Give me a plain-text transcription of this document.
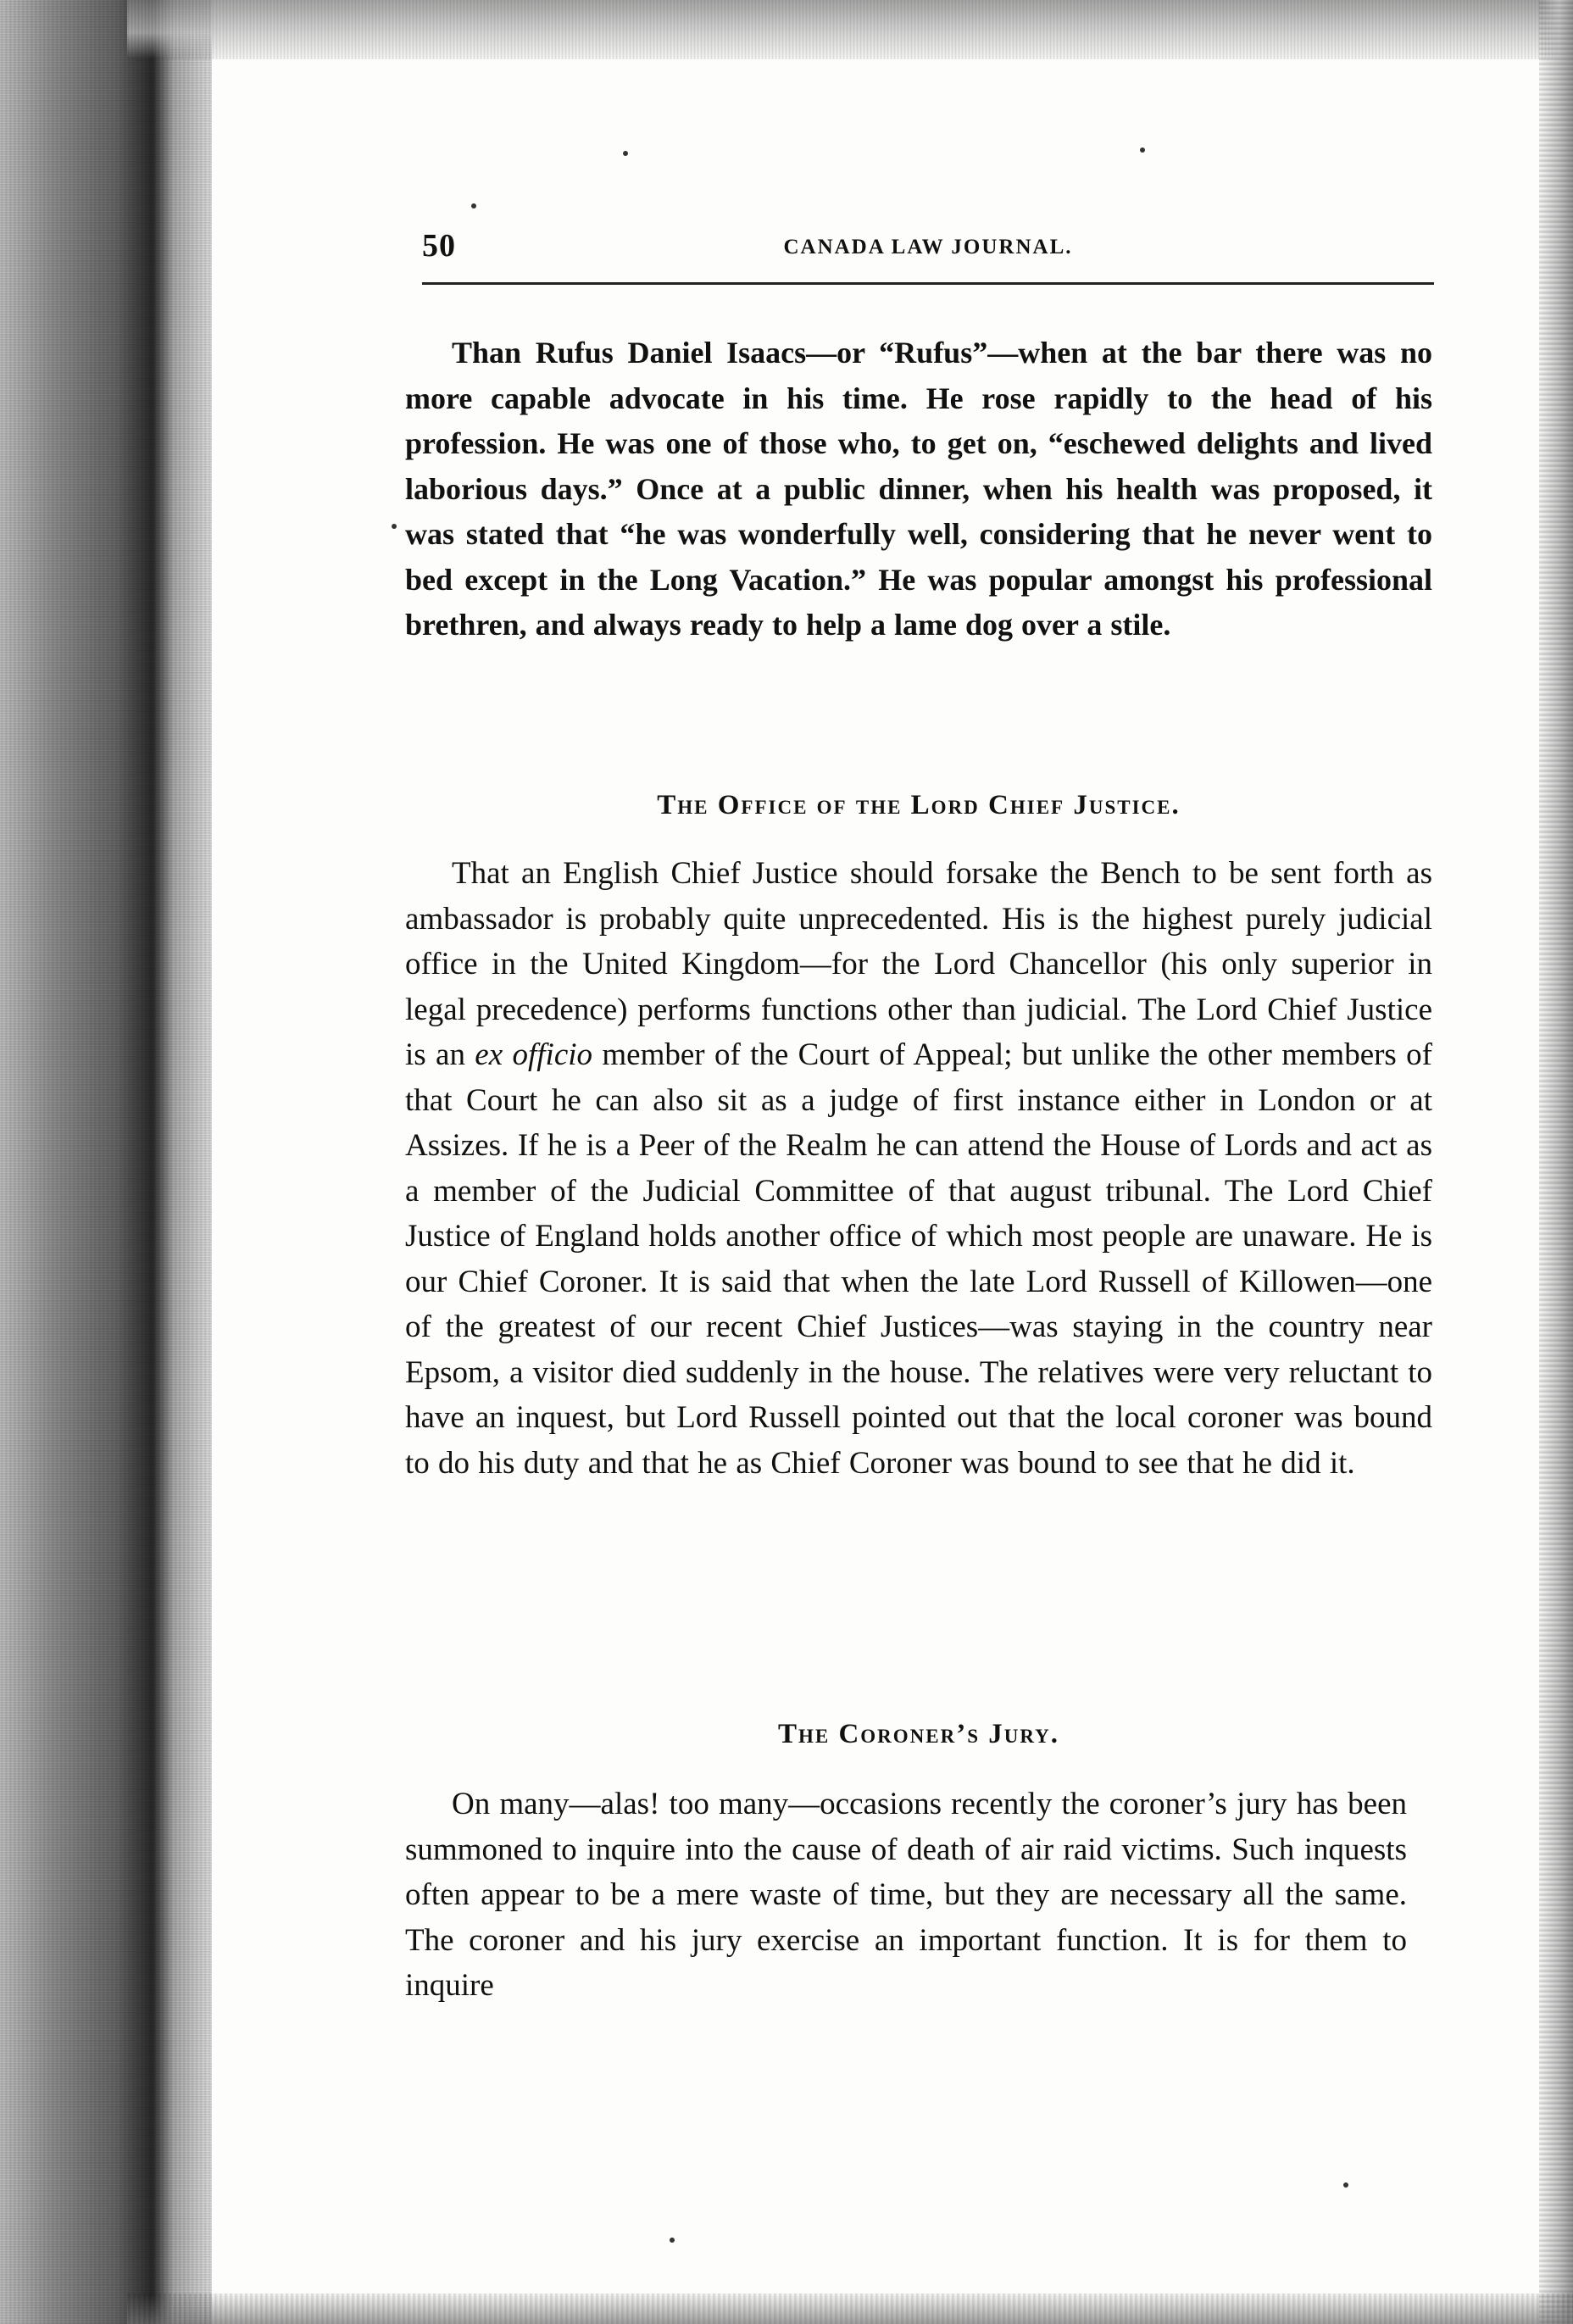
50	CANADA LAW JOURNAL.

Than Rufus Daniel Isaacs—or “Rufus”—when at the bar there was no more capable advocate in his time. He rose rapidly to the head of his profession. He was one of those who, to get on, “eschewed delights and lived laborious days.” Once at a public dinner, when his health was proposed, it was stated that “he was wonderfully well, considering that he never went to bed except in the Long Vacation.” He was popular amongst his professional brethren, and always ready to help a lame dog over a stile.

The Office of the Lord Chief Justice.

That an English Chief Justice should forsake the Bench to be sent forth as ambassador is probably quite unprecedented. His is the highest purely judicial office in the United Kingdom—for the Lord Chancellor (his only superior in legal precedence) performs functions other than judicial. The Lord Chief Justice is an ex officio member of the Court of Appeal; but unlike the other members of that Court he can also sit as a judge of first instance either in London or at Assizes. If he is a Peer of the Realm he can attend the House of Lords and act as a member of the Judicial Committee of that august tribunal. The Lord Chief Justice of England holds another office of which most people are unaware. He is our Chief Coroner. It is said that when the late Lord Russell of Killowen—one of the greatest of our recent Chief Justices—was staying in the country near Epsom, a visitor died suddenly in the house. The relatives were very reluctant to have an inquest, but Lord Russell pointed out that the local coroner was bound to do his duty and that he as Chief Coroner was bound to see that he did it.

The Coroner’s Jury.

On many—alas! too many—occasions recently the coroner’s jury has been summoned to inquire into the cause of death of air raid victims. Such inquests often appear to be a mere waste of time, but they are necessary all the same. The coroner and his jury exercise an important function. It is for them to inquire
